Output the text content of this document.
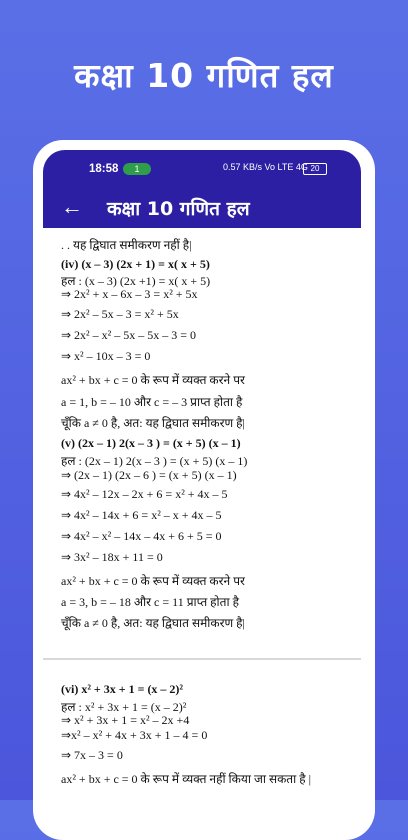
कक्षा 10 गणित हल
18:58	1	0.57 KB/s Vo LTE 4G 20
← कक्षा 10 गणित हल
. . यह द्विघात समीकरण नहीं है|
(iv) (x – 3) (2x + 1) = x( x + 5)
हल : (x – 3) (2x +1) = x( x + 5)
⇒ 2x² + x – 6x – 3 = x² + 5x
⇒ 2x² – 5x – 3 = x² + 5x
⇒ 2x² – x² – 5x – 5x – 3 = 0
⇒ x² – 10x – 3 = 0
ax² + bx + c = 0 के रूप में व्यक्त करने पर
a = 1, b = – 10 और c = – 3 प्राप्त होता है
चूँकि a ≠ 0 है, अत: यह द्विघात समीकरण है|
(v) (2x – 1) 2(x – 3 ) = (x + 5) (x – 1)
हल : (2x – 1) 2(x – 3 ) = (x + 5) (x – 1)
⇒ (2x – 1) (2x – 6 ) = (x + 5) (x – 1)
⇒ 4x² – 12x – 2x + 6 = x² + 4x – 5
⇒ 4x² – 14x + 6 = x² – x + 4x – 5
⇒ 4x² – x² – 14x – 4x + 6 + 5 = 0
⇒ 3x² – 18x + 11 = 0
ax² + bx + c = 0 के रूप में व्यक्त करने पर
a = 3, b = – 18 और c = 11 प्राप्त होता है
चूँकि a ≠ 0 है, अत: यह द्विघात समीकरण है|
(vi) x² + 3x + 1 = (x – 2)²
हल : x² + 3x + 1 = (x – 2)²
⇒ x² + 3x + 1 = x² – 2x +4
⇒x² – x² + 4x + 3x + 1 – 4 = 0
⇒ 7x – 3 = 0
ax² + bx + c = 0 के रूप में व्यक्त नहीं किया जा सकता है |
